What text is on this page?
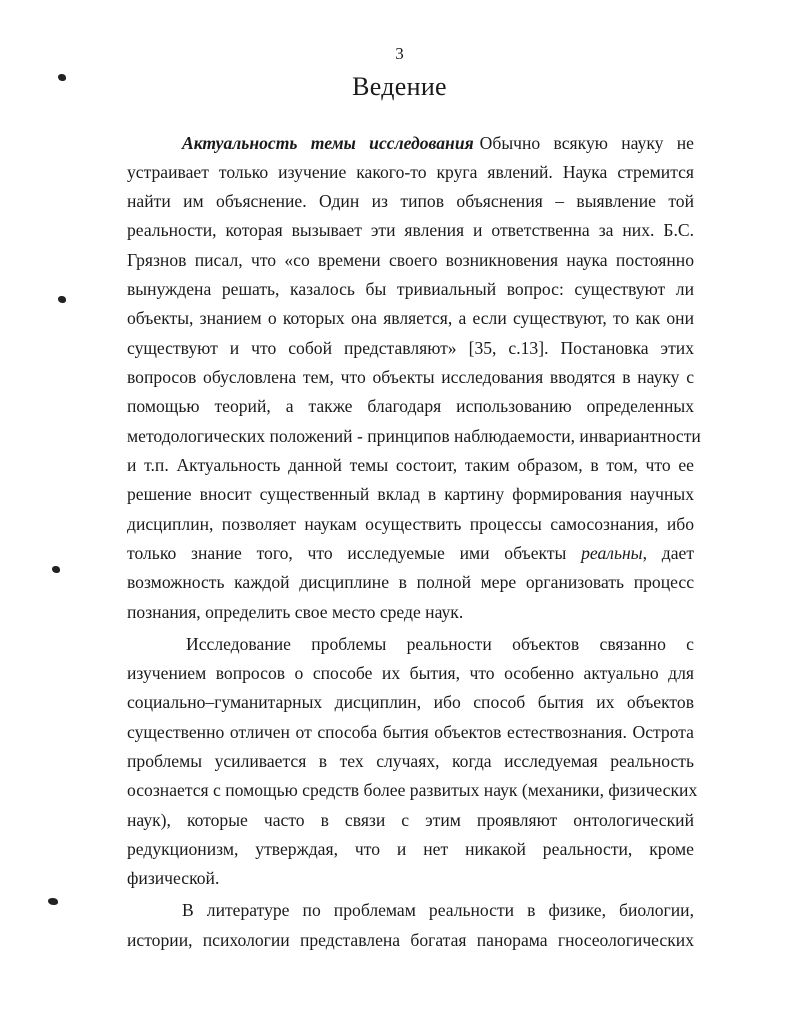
3
Ведение
Актуальность темы исследования Обычно всякую науку не
устраивает только изучение какого-то круга явлений. Наука стремится
найти им объяснение. Один из типов объяснения – выявление той
реальности, которая вызывает эти явления и ответственна за них. Б.С.
Грязнов писал, что «со времени своего возникновения наука постоянно
вынуждена решать, казалось бы тривиальный вопрос: существуют ли
объекты, знанием о которых она является, а если существуют, то как они
существуют и что собой представляют» [35, с.13]. Постановка этих
вопросов обусловлена тем, что объекты исследования вводятся в науку с
помощью теорий, а также благодаря использованию определенных
методологических положений - принципов наблюдаемости, инвариантности
и т.п. Актуальность данной темы состоит, таким образом, в том, что ее
решение вносит существенный вклад в картину формирования научных
дисциплин, позволяет наукам осуществить процессы самосознания, ибо
только знание того, что исследуемые ими объекты реальны, дает
возможность каждой дисциплине в полной мере организовать процесс
познания, определить свое место среде наук.
Исследование проблемы реальности объектов связанно с
изучением вопросов о способе их бытия, что особенно актуально для
социально–гуманитарных дисциплин, ибо способ бытия их объектов
существенно отличен от способа бытия объектов естествознания. Острота
проблемы усиливается в тех случаях, когда исследуемая реальность
осознается с помощью средств более развитых наук (механики, физических
наук), которые часто в связи с этим проявляют онтологический
редукционизм, утверждая, что и нет никакой реальности, кроме
физической.
В литературе по проблемам реальности в физике, биологии,
истории, психологии представлена богатая панорама гносеологических
